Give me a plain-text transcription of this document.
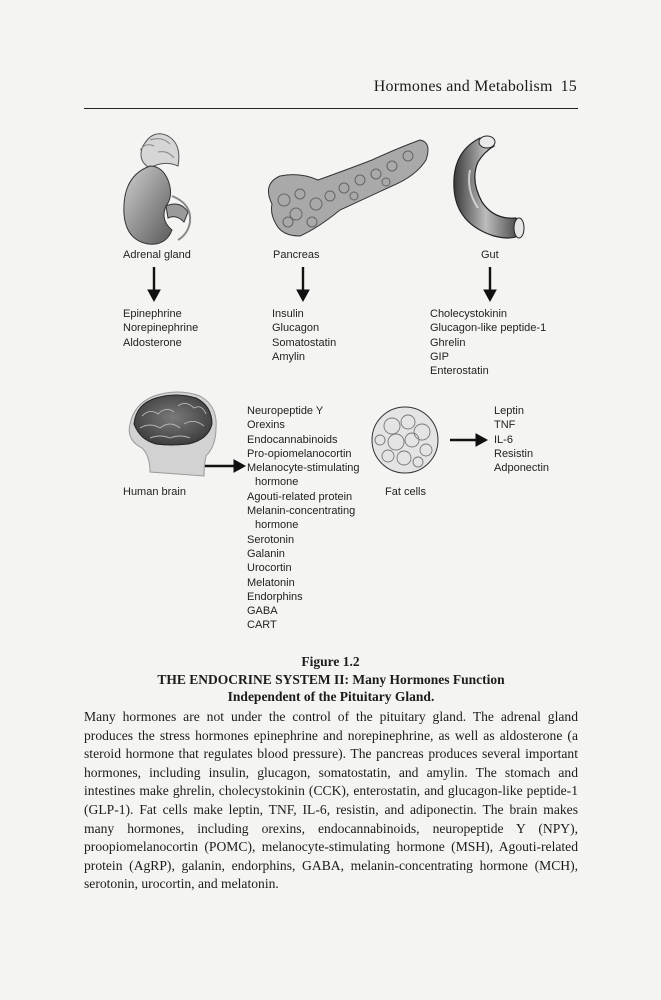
Hormones and Metabolism 15
Adrenal gland	Pancreas	Gut
Human brain	Fat cells
Epinephrine
Norepinephrine
Aldosterone
Insulin
Glucagon
Somatostatin
Amylin
Cholecystokinin
Glucagon-like peptide-1
Ghrelin
GIP
Enterostatin
Neuropeptide Y
Orexins
Endocannabinoids
Pro-opiomelanocortin
Melanocyte-stimulating
hormone
Agouti-related protein
Melanin-concentrating
hormone
Serotonin
Galanin
Urocortin
Melatonin
Endorphins
GABA
CART
Leptin
TNF
IL-6
Resistin
Adponectin
Figure 1.2
THE ENDOCRINE SYSTEM II: Many Hormones Function
Independent of the Pituitary Gland.
Many hormones are not under the control of the pituitary gland. The adrenal gland produces the stress hormones epinephrine and norepinephrine, as well as aldosterone (a steroid hormone that regulates blood pressure). The pancreas produces several important hormones, including insulin, glucagon, somatostatin, and amylin. The stomach and intestines make ghrelin, cholecystokinin (CCK), enterostatin, and glucagon-like peptide-1 (GLP-1). Fat cells make leptin, TNF, IL-6, resistin, and adiponectin. The brain makes many hormones, including orexins, endocannabinoids, neuropeptide Y (NPY), proopiomelanocortin (POMC), melanocyte-stimulating hormone (MSH), Agouti-related protein (AgRP), galanin, endorphins, GABA, melanin-concentrating hormone (MCH), serotonin, urocortin, and melatonin.
